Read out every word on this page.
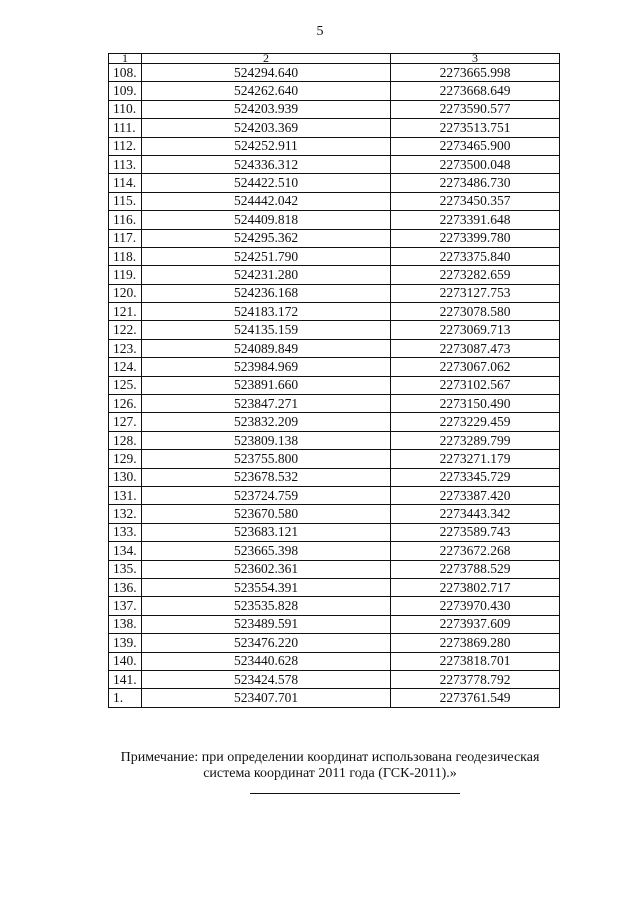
5
1	2	3
108.	524294.640	2273665.998
109.	524262.640	2273668.649
110.	524203.939	2273590.577
111.	524203.369	2273513.751
112.	524252.911	2273465.900
113.	524336.312	2273500.048
114.	524422.510	2273486.730
115.	524442.042	2273450.357
116.	524409.818	2273391.648
117.	524295.362	2273399.780
118.	524251.790	2273375.840
119.	524231.280	2273282.659
120.	524236.168	2273127.753
121.	524183.172	2273078.580
122.	524135.159	2273069.713
123.	524089.849	2273087.473
124.	523984.969	2273067.062
125.	523891.660	2273102.567
126.	523847.271	2273150.490
127.	523832.209	2273229.459
128.	523809.138	2273289.799
129.	523755.800	2273271.179
130.	523678.532	2273345.729
131.	523724.759	2273387.420
132.	523670.580	2273443.342
133.	523683.121	2273589.743
134.	523665.398	2273672.268
135.	523602.361	2273788.529
136.	523554.391	2273802.717
137.	523535.828	2273970.430
138.	523489.591	2273937.609
139.	523476.220	2273869.280
140.	523440.628	2273818.701
141.	523424.578	2273778.792
1.	523407.701	2273761.549
Примечание: при определении координат использована геодезическая
система координат 2011 года (ГСК-2011).»
